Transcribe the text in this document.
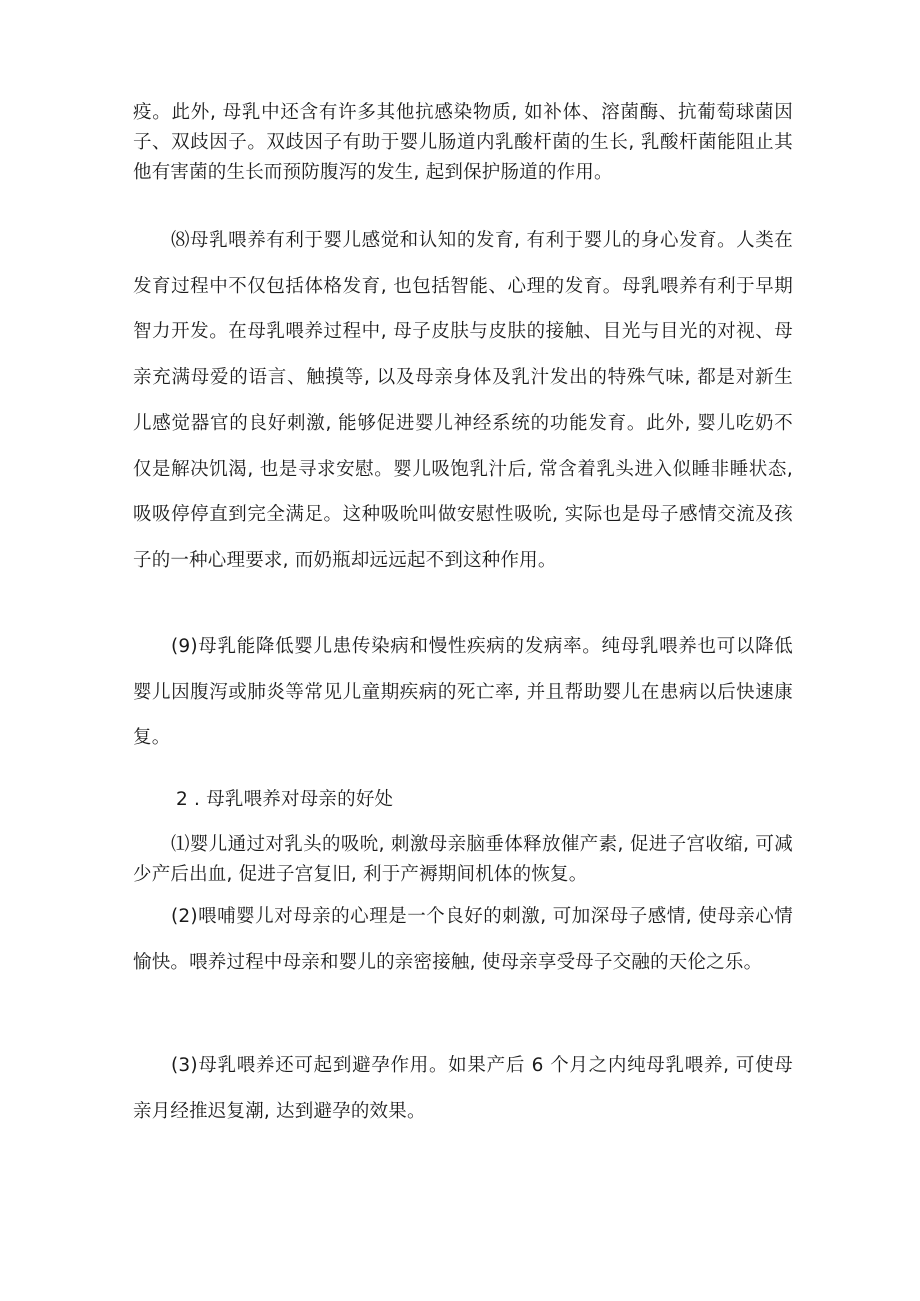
疫。此外, 母乳中还含有许多其他抗感染物质, 如补体、溶菌酶、抗葡萄球菌因子、双歧因子。双歧因子有助于婴儿肠道内乳酸杆菌的生长, 乳酸杆菌能阻止其他有害菌的生长而预防腹泻的发生, 起到保护肠道的作用。

⑻母乳喂养有利于婴儿感觉和认知的发育, 有利于婴儿的身心发育。人类在发育过程中不仅包括体格发育, 也包括智能、心理的发育。母乳喂养有利于早期智力开发。在母乳喂养过程中, 母子皮肤与皮肤的接触、目光与目光的对视、母亲充满母爱的语言、触摸等, 以及母亲身体及乳汁发出的特殊气味, 都是对新生儿感觉器官的良好刺激, 能够促进婴儿神经系统的功能发育。此外, 婴儿吃奶不仅是解决饥渴, 也是寻求安慰。婴儿吸饱乳汁后, 常含着乳头进入似睡非睡状态, 吸吸停停直到完全满足。这种吸吮叫做安慰性吸吮, 实际也是母子感情交流及孩子的一种心理要求, 而奶瓶却远远起不到这种作用。

(9)母乳能降低婴儿患传染病和慢性疾病的发病率。纯母乳喂养也可以降低婴儿因腹泻或肺炎等常见儿童期疾病的死亡率, 并且帮助婴儿在患病以后快速康复。

2 . 母乳喂养对母亲的好处

⑴婴儿通过对乳头的吸吮, 刺激母亲脑垂体释放催产素, 促进子宫收缩, 可减少产后出血, 促进子宫复旧, 利于产褥期间机体的恢复。

(2)喂哺婴儿对母亲的心理是一个良好的刺激, 可加深母子感情, 使母亲心情愉快。喂养过程中母亲和婴儿的亲密接触, 使母亲享受母子交融的天伦之乐。

(3)母乳喂养还可起到避孕作用。如果产后 6 个月之内纯母乳喂养, 可使母亲月经推迟复潮, 达到避孕的效果。
